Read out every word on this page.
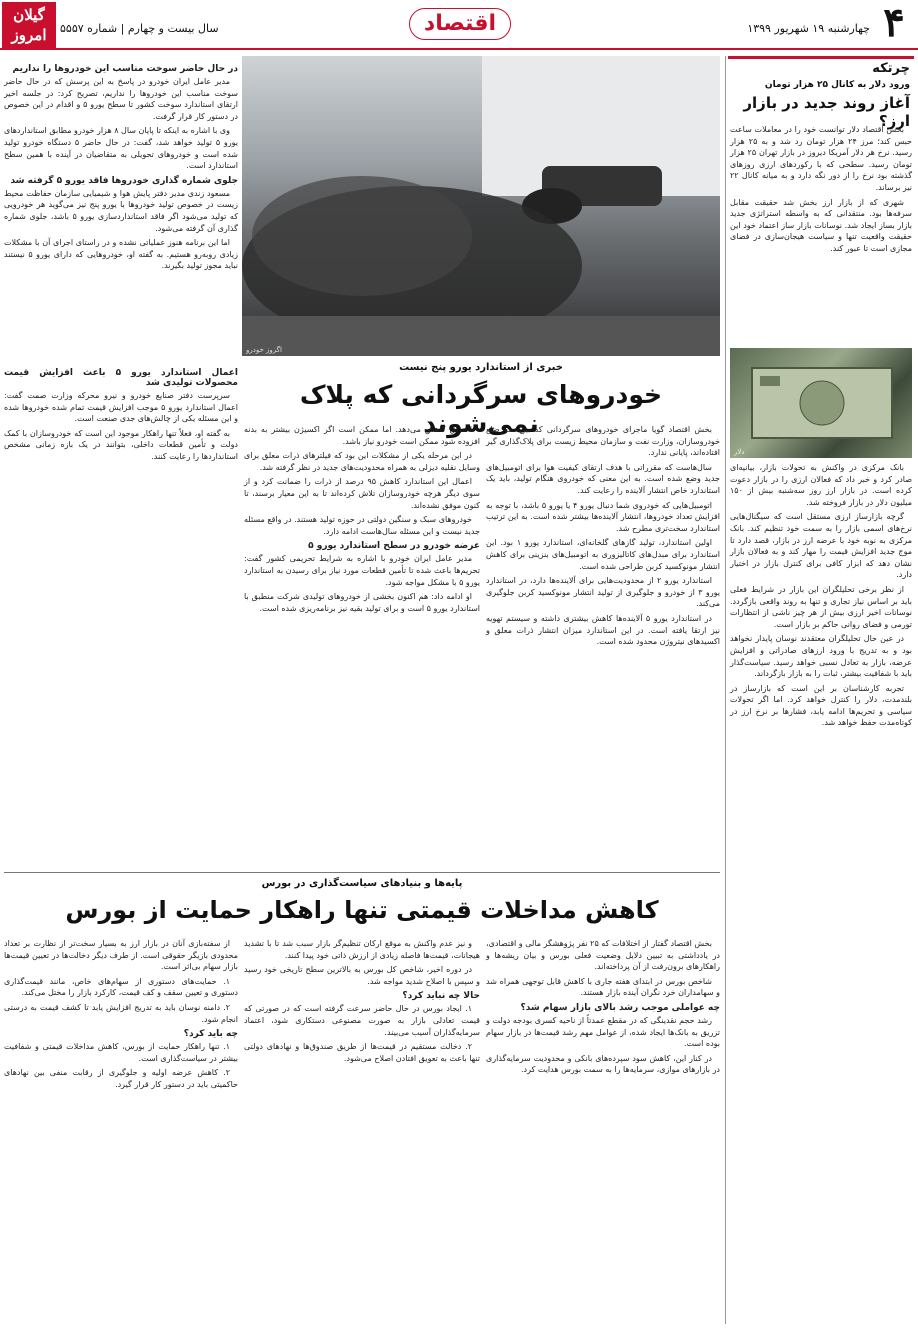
۴
چهارشنبه ۱۹ شهریور ۱۳۹۹
اقتصاد
سال بیست و چهارم | شماره ۵۵۵۷
گیلان
امروز
چرتکه
ورود دلار به کانال ۲۵ هزار تومان
آغاز روند جدید در بازار ارز؟

بخش اقتصاد دلار توانست خود را در معاملات ساعت حبس کند؛ مرز ۲۴ هزار تومان رد شد و به ۲۵ هزار رسید. نرخ هر دلار آمریکا دیروز در بازار تهران ۲۵ هزار تومان رسید. سطحی که با رکوردهای ارزی روزهای گذشته بود نرخ را از دور نگه دارد و به میانه کانال ۲۲ نیز برساند.

شهری که از بازار ارز بخش شد حقیقت مقابل سرفه‌ها بود. منتقدانی که به واسطه استراتژی جدید بازار بساز ایجاد شد. نوسانات بازار ساز اعتماد خود این حقیقت واقعیت تنها و سیاست هیجان‌سازی در فضای مجازی است تا عبور کند.

دلار

بانک مرکزی در واکنش به تحولات بازار، بیانیه‌ای صادر کرد و خبر داد که فعالان ارزی را در بازار دعوت کرده است. در بازار ارز روز سه‌شنبه بیش از ۱۵۰ میلیون دلار در بازار فروخته شد.

گرچه بازارساز ارزی مستقل است که سیگنال‌هایی نرخ‌های اسمی بازار را به سمت خود تنظیم کند. بانک مرکزی به نوبه خود با عرضه ارز در بازار، قصد دارد تا موج جدید افزایش قیمت را مهار کند و به فعالان بازار نشان دهد که ابزار کافی برای کنترل بازار در اختیار دارد.

از نظر برخی تحلیلگران این بازار در شرایط فعلی باید بر اساس نیاز تجاری و تنها به روند واقعی بازگردد. نوسانات اخیر ارزی بیش از هر چیز ناشی از انتظارات تورمی و فضای روانی حاکم بر بازار است.

در عین حال تحلیلگران معتقدند نوسان پایدار نخواهد بود و به تدریج با ورود ارزهای صادراتی و افزایش عرضه، بازار به تعادل نسبی خواهد رسید. سیاست‌گذار باید با شفافیت بیشتر، ثبات را به بازار بازگرداند.

تجربه کارشناسان بر این است که بازارساز در بلندمدت، دلار را کنترل خواهد کرد. اما اگر تحولات سیاسی و تحریم‌ها ادامه یابد، فشارها بر نرخ ارز در کوتاه‌مدت حفظ خواهد شد.

اگزوز خودرو
در حال حاضر سوخت مناسب این خودروها را نداریم

مدیر عامل ایران خودرو در پاسخ به این پرسش که در حال حاضر سوخت مناسب این خودروها را نداریم، تصریح کرد: در جلسه اخیر ارتقای استاندارد سوخت کشور تا سطح یورو ۵ و اقدام در این خصوص در دستور کار قرار گرفت.

وی با اشاره به اینکه تا پایان سال ۸ هزار خودرو مطابق استانداردهای یورو ۵ تولید خواهد شد، گفت: در حال حاضر ۵ دستگاه خودرو تولید شده است و خودروهای تحویلی به متقاضیان در آینده با همین سطح استاندارد است.

جلوی شماره گذاری خودروها فاقد یورو ۵ گرفته شد

مسعود زندی مدیر دفتر پایش هوا و شیمیایی سازمان حفاظت محیط زیست در خصوص تولید خودروها با یورو پنج نیز می‌گوید هر خودرویی که تولید می‌شود اگر فاقد استانداردسازی یورو ۵ باشد، جلوی شماره گذاری آن گرفته می‌شود.

اما این برنامه هنوز عملیاتی نشده و در راستای اجرای آن با مشکلات زیادی روبه‌رو هستیم. به گفته او، خودروهایی که دارای یورو ۵ نیستند نباید مجوز تولید بگیرند.

خبری از استاندارد یورو پنج نیست
خودروهای سرگردانی که پلاک نمی‌شوند

بخش اقتصاد گویا ماجرای خودروهای سرگردانی که بین سه ضلع خودروسازان، وزارت نفت و سازمان محیط زیست برای پلاک‌گذاری گیر افتاده‌اند، پایانی ندارد.

سال‌هاست که مقرراتی با هدف ارتقای کیفیت هوا برای اتومبیل‌های جدید وضع شده است. به این معنی که خودروی هنگام تولید، باید یک استاندارد خاص انتشار آلاینده را رعایت کند.

اتومبیل‌هایی که خودروی شما دنبال یورو ۴ یا یورو ۵ باشد، با توجه به افزایش تعداد خودروها، انتشار آلاینده‌ها بیشتر شده است. به این ترتیب استاندارد سخت‌تری مطرح شد.

اولین استاندارد، تولید گازهای گلخانه‌ای، استاندارد یورو ۱ بود. این استاندارد برای مبدل‌های کاتالیزوری به اتومبیل‌های بنزینی برای کاهش انتشار مونوکسید کربن طراحی شده است.

استاندارد یورو ۲ از محدودیت‌هایی برای آلاینده‌ها دارد، در استاندارد یورو ۳ از خودرو و جلوگیری از تولید انتشار مونوکسید کربن جلوگیری می‌کند.

در استاندارد یورو ۵ آلاینده‌ها کاهش بیشتری داشته و سیستم تهویه نیز ارتقا یافته است. در این استاندارد میزان انتشار ذرات معلق و اکسیدهای نیتروژن محدود شده است.

احتراق کاهش می‌دهد. اما ممکن است اگر اکسیژن بیشتر به بدنه افزوده شود ممکن است خودرو نیاز باشد.

در این مرحله یکی از مشکلات این بود که فیلترهای ذرات معلق برای وسایل نقلیه دیزلی به همراه محدودیت‌های جدید در نظر گرفته شد.

اعمال این استاندارد کاهش ۹۵ درصد از ذرات را ضمانت کرد و از سوی دیگر هرچه خودروسازان تلاش کرده‌اند تا به این معیار برسند، تا کنون موفق نشده‌اند.

خودروهای سبک و سنگین دولتی در حوزه تولید هستند. در واقع مسئله جدید نیست و این مسئله سال‌هاست ادامه دارد.

عرضه خودرو در سطح استاندارد یورو ۵

مدیر عامل ایران خودرو با اشاره به شرایط تحریمی کشور گفت: تحریم‌ها باعث شده تا تأمین قطعات مورد نیاز برای رسیدن به استاندارد یورو ۵ با مشکل مواجه شود.

او ادامه داد: هم اکنون بخشی از خودروهای تولیدی شرکت منطبق با استاندارد یورو ۵ است و برای تولید بقیه نیز برنامه‌ریزی شده است.

اعمال استاندارد یورو ۵ باعث افزایش قیمت محصولات تولیدی شد

سرپرست دفتر صنایع خودرو و نیرو محرکه وزارت صمت گفت: اعمال استاندارد یورو ۵ موجب افزایش قیمت تمام شده خودروها شده و این مسئله یکی از چالش‌های جدی صنعت است.

به گفته او، فعلاً تنها راهکار موجود این است که خودروسازان با کمک دولت و تأمین قطعات داخلی، بتوانند در یک بازه زمانی مشخص استانداردها را رعایت کنند.

پایه‌ها و بنیادهای سیاست‌گذاری در بورس
کاهش مداخلات قیمتی تنها راهکار حمایت از بورس

بخش اقتصاد گفتار از اختلافات که ۲۵ نفر پژوهشگر مالی و اقتصادی، در یادداشتی به تبیین دلایل وضعیت فعلی بورس و بیان ریشه‌ها و راهکارهای برون‌رفت از آن پرداخته‌اند.

شاخص بورس در ابتدای هفته جاری با کاهش قابل توجهی همراه شد و سهامداران خرد نگران آینده بازار هستند.

چه عواملی موجب رشد بالای بازار سهام شد؟

رشد حجم نقدینگی که در مقطع عمدتاً از ناحیه کسری بودجه دولت و تزریق به بانک‌ها ایجاد شده، از عوامل مهم رشد قیمت‌ها در بازار سهام بوده است.

در کنار این، کاهش سود سپرده‌های بانکی و محدودیت سرمایه‌گذاری در بازارهای موازی، سرمایه‌ها را به سمت بورس هدایت کرد.

و نیز عدم واکنش به موقع ارکان تنظیم‌گر بازار سبب شد تا با تشدید هیجانات، قیمت‌ها فاصله زیادی از ارزش ذاتی خود پیدا کنند.

در دوره اخیر، شاخص کل بورس به بالاترین سطح تاریخی خود رسید و سپس با اصلاح شدید مواجه شد.

حالا چه نباید کرد؟

۱. ایجاد بورس در حال حاضر سرعت گرفته است که در صورتی که قیمت تعادلی بازار به صورت مصنوعی دستکاری شود، اعتماد سرمایه‌گذاران آسیب می‌بیند.

۲. دخالت مستقیم در قیمت‌ها از طریق صندوق‌ها و نهادهای دولتی تنها باعث به تعویق افتادن اصلاح می‌شود.

از سفته‌بازی آنان در بازار ارز به بسیار سخت‌تر از نظارت بر تعداد محدودی بازیگر حقوقی است. از طرف دیگر دخالت‌ها در تعیین قیمت‌ها بازار سهام بی‌اثر است.

۱. حمایت‌های دستوری از سهام‌های خاص، مانند قیمت‌گذاری دستوری و تعیین سقف و کف قیمت، کارکرد بازار را مختل می‌کند.

۲. دامنه نوسان باید به تدریج افزایش یابد تا کشف قیمت به درستی انجام شود.

چه باید کرد؟

۱. تنها راهکار حمایت از بورس، کاهش مداخلات قیمتی و شفافیت بیشتر در سیاست‌گذاری است.

۲. کاهش عرضه اولیه و جلوگیری از رقابت منفی بین نهادهای حاکمیتی باید در دستور کار قرار گیرد.
